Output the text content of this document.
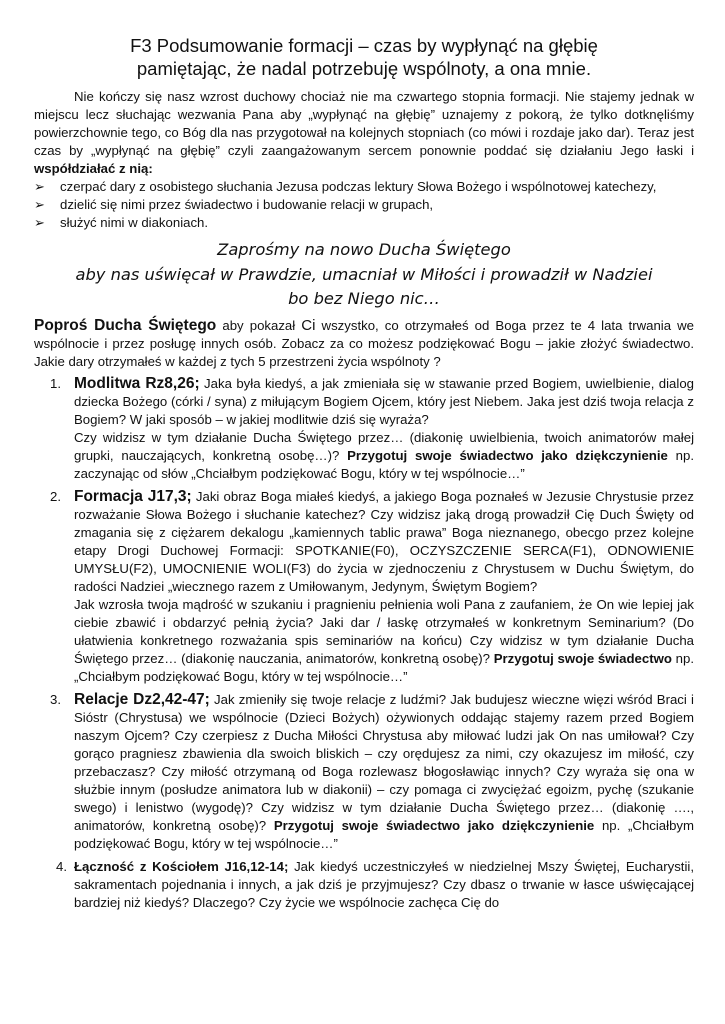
F3 Podsumowanie formacji – czas by wypłynąć na głębię
pamiętając, że nadal potrzebuję wspólnoty, a ona mnie.

Nie kończy się nasz wzrost duchowy chociaż nie ma czwartego stopnia formacji. Nie stajemy jednak w miejscu lecz słuchając wezwania Pana aby „wypłynąć na głębię” uznajemy z pokorą, że tylko dotknęliśmy powierzchownie tego, co Bóg dla nas przygotował na kolejnych stopniach (co mówi i rozdaje jako dar). Teraz jest czas by „wypłynąć na głębię” czyli zaangażowanym sercem ponownie poddać się działaniu Jego łaski i współdziałać z nią:

➢ czerpać dary z osobistego słuchania Jezusa podczas lektury Słowa Bożego i wspólnotowej katechezy,
➢ dzielić się nimi przez świadectwo i budowanie relacji w grupach,
➢ służyć nimi w diakoniach.
Zaprośmy na nowo Ducha Świętego
aby nas uświęcał w Prawdzie, umacniał w Miłości i prowadził w Nadziei
bo bez Niego nic…

Poproś Ducha Świętego aby pokazał Ci wszystko, co otrzymałeś od Boga przez te 4 lata trwania we wspólnocie i przez posługę innych osób. Zobacz za co możesz podziękować Bogu – jakie złożyć świadectwo. Jakie dary otrzymałeś w każdej z tych 5 przestrzeni życia wspólnoty ?

1. Modlitwa Rz8,26; Jaka była kiedyś, a jak zmieniała się w stawanie przed Bogiem, uwielbienie, dialog dziecka Bożego (córki / syna) z miłującym Bogiem Ojcem, który jest Niebem. Jaka jest dziś twoja relacja z Bogiem? W jaki sposób – w jakiej modlitwie dziś się wyraża?

Czy widzisz w tym działanie Ducha Świętego przez… (diakonię uwielbienia, twoich animatorów małej grupki, nauczających, konkretną osobę…)? Przygotuj swoje świadectwo jako dziękczynienie np. zaczynając od słów „Chciałbym podziękować Bogu, który w tej wspólnocie…”

2. Formacja J17,3; Jaki obraz Boga miałeś kiedyś, a jakiego Boga poznałeś w Jezusie Chrystusie przez rozważanie Słowa Bożego i słuchanie katechez? Czy widzisz jaką drogą prowadził Cię Duch Święty od zmagania się z ciężarem dekalogu „kamiennych tablic prawa” Boga nieznanego, obecgo przez kolejne etapy Drogi Duchowej Formacji: SPOTKANIE(F0), OCZYSZCZENIE SERCA(F1), ODNOWIENIE UMYSŁU(F2), UMOCNIENIE WOLI(F3) do życia w zjednoczeniu z Chrystusem w Duchu Świętym, do radości Nadziei „wiecznego razem z Umiłowanym, Jedynym, Świętym Bogiem?

Jak wzrosła twoja mądrość w szukaniu i pragnieniu pełnienia woli Pana z zaufaniem, że On wie lepiej jak ciebie zbawić i obdarzyć pełnią życia? Jaki dar / łaskę otrzymałeś w konkretnym Seminarium? (Do ułatwienia konkretnego rozważania spis seminariów na końcu) Czy widzisz w tym działanie Ducha Świętego przez… (diakonię nauczania, animatorów, konkretną osobę)? Przygotuj swoje świadectwo np. „Chciałbym podziękować Bogu, który w tej wspólnocie…”

3. Relacje Dz2,42-47; Jak zmieniły się twoje relacje z ludźmi? Jak budujesz wieczne więzi wśród Braci i Sióstr (Chrystusa) we wspólnocie (Dzieci Bożych) ożywionych oddając stajemy razem przed Bogiem naszym Ojcem? Czy czerpiesz z Ducha Miłości Chrystusa aby miłować ludzi jak On nas umiłował? Czy gorąco pragniesz zbawienia dla swoich bliskich – czy orędujesz za nimi, czy okazujesz im miłość, czy przebaczasz? Czy miłość otrzymaną od Boga rozlewasz błogosławiąc innych? Czy wyraża się ona w służbie innym (posłudze animatora lub w diakonii) – czy pomaga ci zwyciężać egoizm, pychę (szukanie swego) i lenistwo (wygodę)? Czy widzisz w tym działanie Ducha Świętego przez… (diakonię …., animatorów, konkretną osobę)? Przygotuj swoje świadectwo jako dziękczynienie np. „Chciałbym podziękować Bogu, który w tej wspólnocie…”

4. Łączność z Kościołem J16,12-14; Jak kiedyś uczestniczyłeś w niedzielnej Mszy Świętej, Eucharystii, sakramentach pojednania i innych, a jak dziś je przyjmujesz? Czy dbasz o trwanie w łasce uświęcającej bardziej niż kiedyś? Dlaczego? Czy życie we wspólnocie zachęca Cię do
